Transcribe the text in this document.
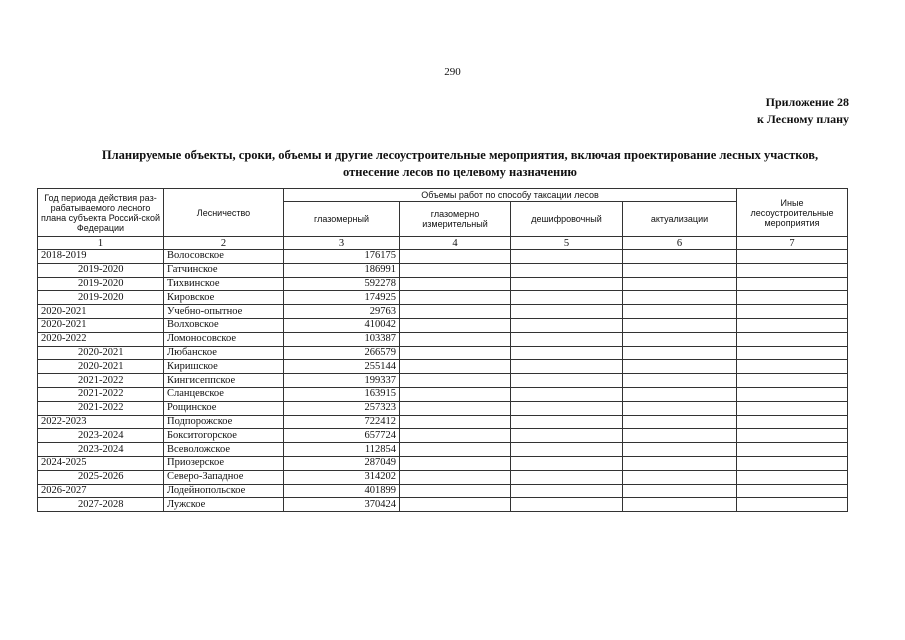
290
Приложение 28
к Лесному плану
Планируемые объекты, сроки, объемы и другие лесоустроительные мероприятия, включая проектирование лесных участков,
отнесение лесов по целевому назначению
Год периода действия раз-рабатываемого лесного плана субъекта Россий-ской Федерации	Лесничество	Объемы работ по способу таксации лесов				Иные лесоустроительные мероприятия
		глазомерный	глазомерно измерительный	дешифровочный	актуализации	
1	2	3	4	5	6	7
2018-2019	Волосовское	176175				
2019-2020	Гатчинское	186991				
2019-2020	Тихвинское	592278				
2019-2020	Кировское	174925				
2020-2021	Учебно-опытное	29763				
2020-2021	Волховское	410042				
2020-2022	Ломоносовское	103387				
2020-2021	Любанское	266579				
2020-2021	Киришское	255144				
2021-2022	Кингисеппское	199337				
2021-2022	Сланцевское	163915				
2021-2022	Рощинское	257323				
2022-2023	Подпорожское	722412				
2023-2024	Бокситогорское	657724				
2023-2024	Всеволожское	112854				
2024-2025	Приозерское	287049				
2025-2026	Северо-Западное	314202				
2026-2027	Лодейнопольское	401899				
2027-2028	Лужское	370424				
